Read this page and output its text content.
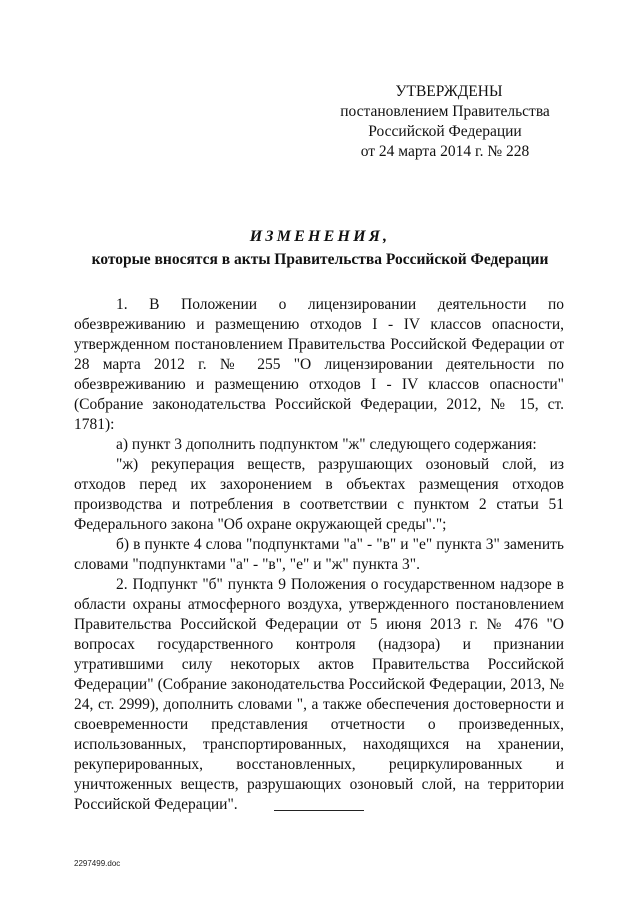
УТВЕРЖДЕНЫ
постановлением Правительства
Российской Федерации
от 24 марта 2014 г. № 228
ИЗМЕНЕНИЯ,
которые вносятся в акты Правительства Российской Федерации

1. В Положении о лицензировании деятельности по обезвреживанию и размещению отходов I - IV классов опасности, утвержденном постановлением Правительства Российской Федерации от 28 марта 2012 г. № 255 "О лицензировании деятельности по обезвреживанию и размещению отходов I - IV классов опасности" (Собрание законодательства Российской Федерации, 2012, № 15, ст. 1781):

а) пункт 3 дополнить подпунктом "ж" следующего содержания:

"ж) рекуперация веществ, разрушающих озоновый слой, из отходов перед их захоронением в объектах размещения отходов производства и потребления в соответствии с пунктом 2 статьи 51 Федерального закона "Об охране окружающей среды".";

б) в пункте 4 слова "подпунктами "а" - "в" и "е" пункта 3" заменить словами "подпунктами "а" - "в", "е" и "ж" пункта 3".

2. Подпункт "б" пункта 9 Положения о государственном надзоре в области охраны атмосферного воздуха, утвержденного постановлением Правительства Российской Федерации от 5 июня 2013 г. № 476 "О вопросах государственного контроля (надзора) и признании утратившими силу некоторых актов Правительства Российской Федерации" (Собрание законодательства Российской Федерации, 2013, № 24, ст. 2999), дополнить словами ", а также обеспечения достоверности и своевременности представления отчетности о произведенных, использованных, транспортированных, находящихся на хранении, рекуперированных, восстановленных, рециркулированных и уничтоженных веществ, разрушающих озоновый слой, на территории Российской Федерации".

2297499.doc
